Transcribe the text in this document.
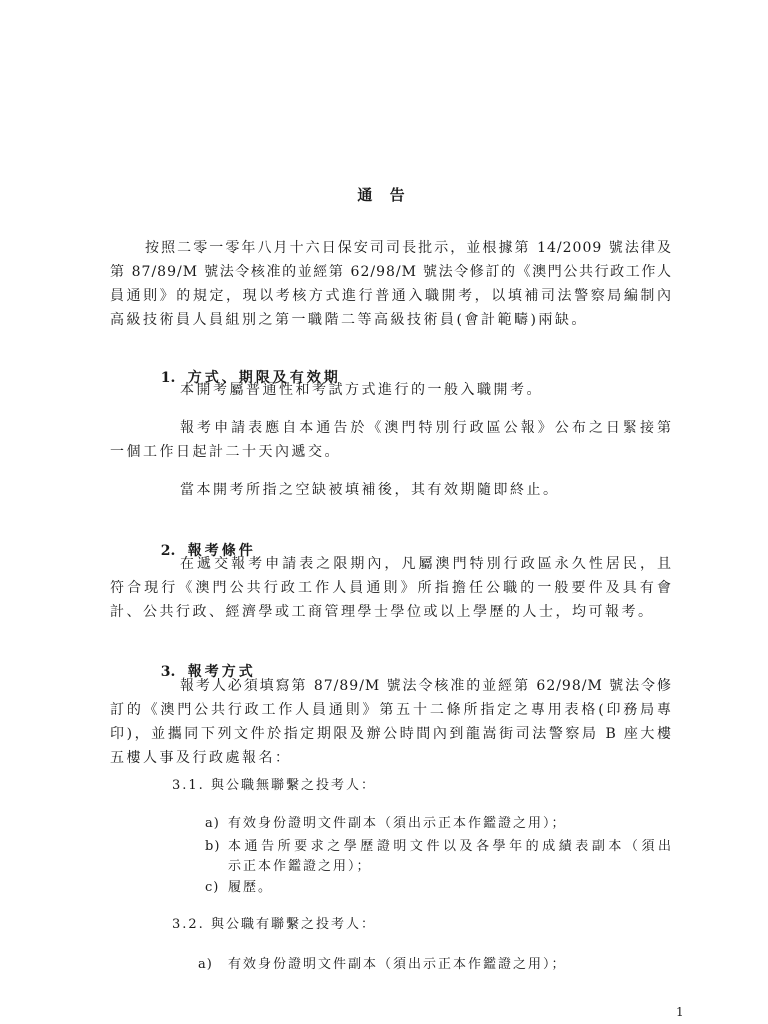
通 告
按照二零一零年八月十六日保安司司長批示，並根據第 14/2009 號法律及
第 87/89/M 號法令核准的並經第 62/98/M 號法令修訂的《澳門公共行政工作人
員通則》的規定，現以考核方式進行普通入職開考，以填補司法警察局編制內
高級技術員人員組別之第一職階二等高級技術員(會計範疇)兩缺。

1. 方式、期限及有效期

本開考屬普通性和考試方式進行的一般入職開考。
報考申請表應自本通告於《澳門特別行政區公報》公布之日緊接第
一個工作日起計二十天內遞交。
當本開考所指之空缺被填補後，其有效期隨即終止。

2. 報考條件

在遞交報考申請表之限期內，凡屬澳門特別行政區永久性居民，且
符合現行《澳門公共行政工作人員通則》所指擔任公職的一般要件及具有會
計、公共行政、經濟學或工商管理學士學位或以上學歷的人士，均可報考。

3. 報考方式

報考人必須填寫第 87/89/M 號法令核准的並經第 62/98/M 號法令修
訂的《澳門公共行政工作人員通則》第五十二條所指定之專用表格(印務局專
印)，並攜同下列文件於指定期限及辦公時間內到龍嵩街司法警察局 B 座大樓
五樓人事及行政處報名：
3.1. 與公職無聯繫之投考人：
a) 有效身份證明文件副本（須出示正本作鑑證之用）；
b) 本通告所要求之學歷證明文件以及各學年的成績表副本（須出
示正本作鑑證之用）；
c) 履歷。
3.2. 與公職有聯繫之投考人：
a) 有效身份證明文件副本（須出示正本作鑑證之用）；
1
